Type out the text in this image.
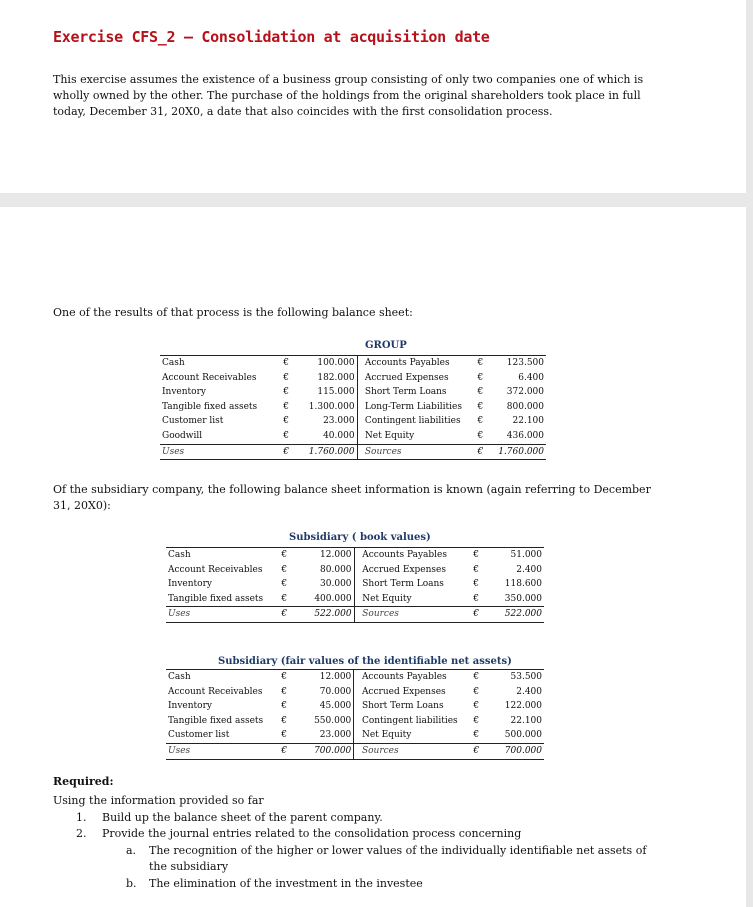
Exercise CFS_2 – Consolidation at acquisition date
This exercise assumes the existence of a business group consisting of only two companies one of which is wholly owned by the other. The purchase of the holdings from the original shareholders took place in full today, December 31, 20X0, a date that also coincides with the first consolidation process.
One of the results of that process is the following balance sheet:
GROUP
Cash	€	100.000		Accounts Payables	€	123.500
Account Receivables	€	182.000		Accrued Expenses	€	6.400
Inventory	€	115.000		Short Term Loans	€	372.000
Tangible fixed assets	€	1.300.000		Long-Term Liabilities	€	800.000
Customer list	€	23.000		Contingent liabilities	€	22.100
Goodwill	€	40.000		Net Equity	€	436.000
Uses	€	1.760.000		Sources	€	1.760.000
Of the subsidiary company, the following balance sheet information is known (again referring to December 31, 20X0):
Subsidiary ( book values)
Cash	€	12.000		Accounts Payables	€	51.000
Account Receivables	€	80.000		Accrued Expenses	€	2.400
Inventory	€	30.000		Short Term Loans	€	118.600
Tangible fixed assets	€	400.000		Net Equity	€	350.000
Uses	€	522.000		Sources	€	522.000
Subsidiary (fair values of the identifiable net assets)
Cash	€	12.000		Accounts Payables	€	53.500
Account Receivables	€	70.000		Accrued Expenses	€	2.400
Inventory	€	45.000		Short Term Loans	€	122.000
Tangible fixed assets	€	550.000		Contingent liabilities	€	22.100
Customer list	€	23.000		Net Equity	€	500.000
Uses	€	700.000		Sources	€	700.000
Required:
Using the information provided so far
1. Build up the balance sheet of the parent company.
2. Provide the journal entries related to the consolidation process concerning
a. The recognition of the higher or lower values of the individually identifiable net assets of the subsidiary
b. The elimination of the investment in the investee
